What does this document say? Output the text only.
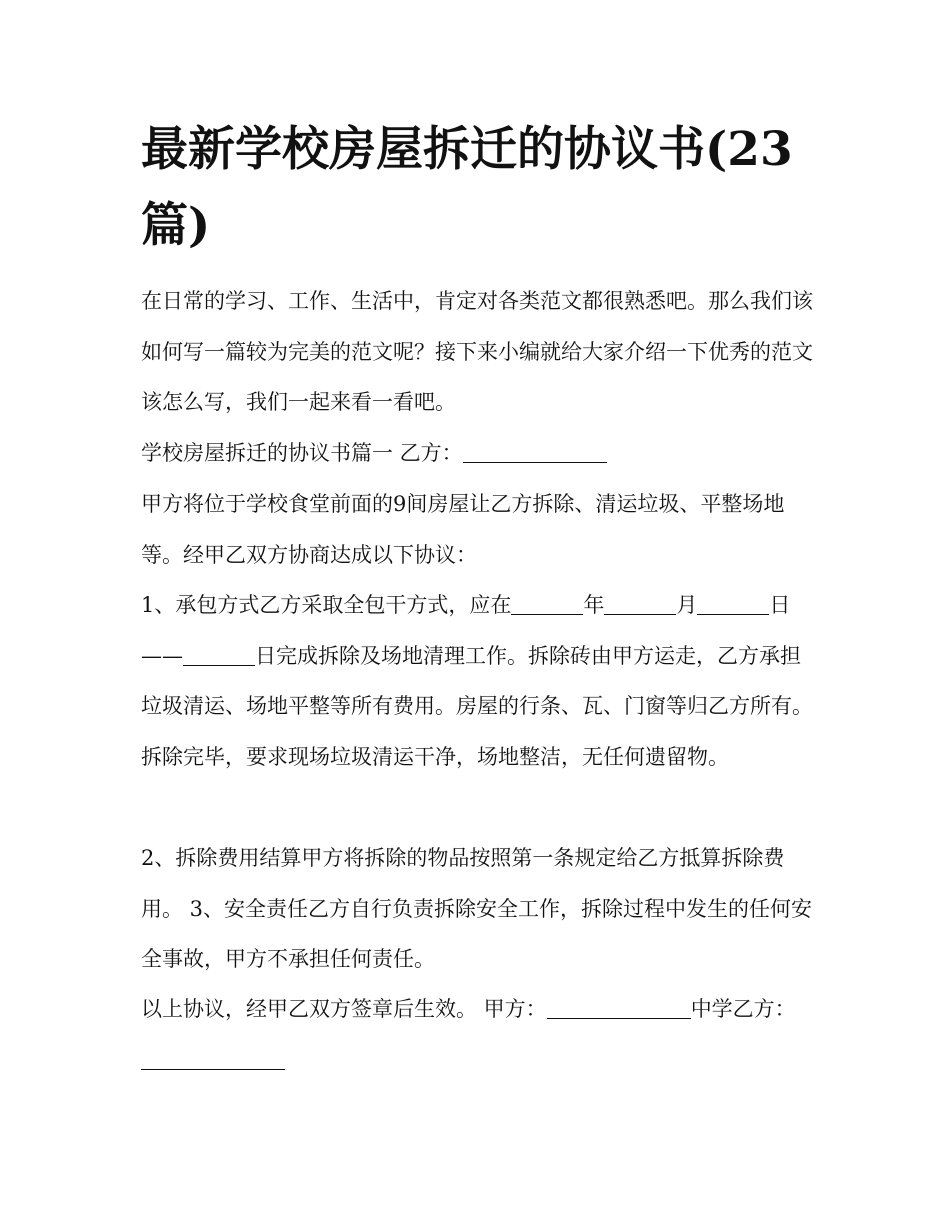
最新学校房屋拆迁的协议书(23篇)

在日常的学习、工作、生活中，肯定对各类范文都很熟悉吧。那么我们该如何写一篇较为完美的范文呢？接下来小编就给大家介绍一下优秀的范文该怎么写，我们一起来看一看吧。

学校房屋拆迁的协议书篇一 乙方：

甲方将位于学校食堂前面的9间房屋让乙方拆除、清运垃圾、平整场地等。经甲乙双方协商达成以下协议：

1、承包方式乙方采取全包干方式，应在	年	月	日——	日完成拆除及场地清理工作。拆除砖由甲方运走，乙方承担垃圾清运、场地平整等所有费用。房屋的行条、瓦、门窗等归乙方所有。拆除完毕，要求现场垃圾清运干净，场地整洁，无任何遗留物。

2、拆除费用结算甲方将拆除的物品按照第一条规定给乙方抵算拆除费用。 3、安全责任乙方自行负责拆除安全工作，拆除过程中发生的任何安全事故，甲方不承担任何责任。

以上协议，经甲乙双方签章后生效。 甲方：	中学乙方：
